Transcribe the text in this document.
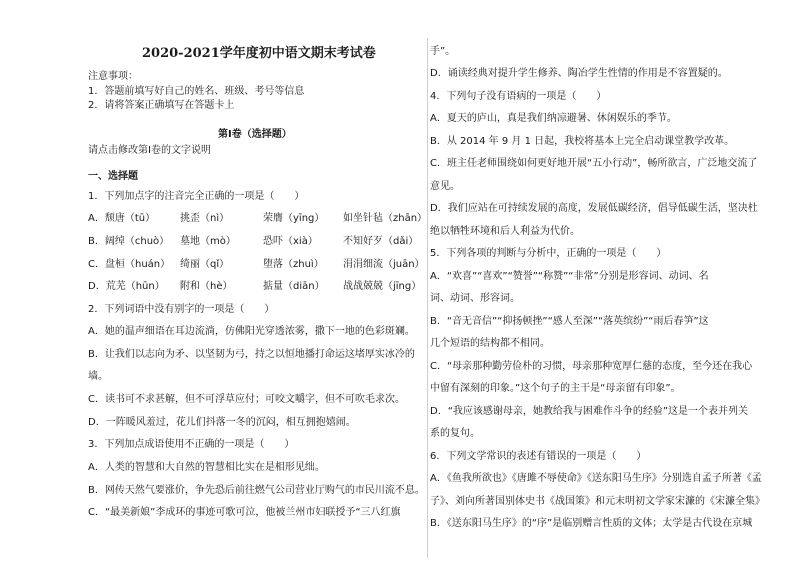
2020-2021学年度初中语文期末考试卷
注意事项：
1．答题前填写好自己的姓名、班级、考号等信息
2．请将答案正确填写在答题卡上
第Ⅰ卷（选择题）
请点击修改第Ⅰ卷的文字说明
一、选择题
1．下列加点字的注音完全正确的一项是（　　）
A．颓唐（tū）	挑歪（nì）	荣膺（yīng）	如坐针毡（zhān）
B．阔绰（chuò）	墓地（mò）	恐吓（xià）	不知好歹（dǎi）
C．盘桓（huán） 绮丽（qǐ）	堕落（zhuì）	涓涓细流（juān）
D．荒芜（hūn）	附和（hè）	掂量（diān）	战战兢兢（jīng）
2．下列词语中没有别字的一项是（　　）
A．她的温声细语在耳边流淌，仿佛阳光穿透浓雾，撒下一地的色彩斑斓。
B．让我们以志向为矛、以坚韧为弓，持之以恒地播打命运这堵厚实冰冷的
墙。
C．读书可不求甚解，但不可浮草应付；可咬文嚼字，但不可吹毛求次。
D．一阵暖风羞过，花儿们抖落一冬的沉闷，相互拥抱嬉闹。
3．下列加点成语使用不正确的一项是（　　）
A．人类的智慧和大自然的智慧相比实在是相形见绌。
B．网传天然气要涨价，争先恐后前往燃气公司营业厅购气的市民川流不息。
C．“最美新娘”李成环的事迹可歌可泣，他被兰州市妇联授予“三八红旗
手”。
D．诵读经典对提升学生修养、陶冶学生性情的作用是不容置疑的。
4．下列句子没有语病的一项是（　　）
A．夏天的庐山，真是我们纳凉避暑、休闲娱乐的季节。
B．从 2014 年 9 月 1 日起，我校将基本上完全启动课堂教学改革。
C．班主任老师围绕如何更好地开展“五小行动”，畅所欲言，广泛地交流了
意见。
D．我们应站在可持续发展的高度，发展低碳经济，倡导低碳生活，坚决杜
绝以牺牲环境和后人利益为代价。
5．下列各项的判断与分析中，正确的一项是（　　）
A．“欢喜”“喜欢”“赞誉”“称赞”“非常”分别是形容词、动词、名
词、动词、形容词。
B．“音无音信”“抑扬顿挫”“感人至深”“落英缤纷”“雨后春笋”这
几个短语的结构都不相同。
C．“母亲那种勤劳俭朴的习惯，母亲那种宽厚仁慈的态度，至今还在我心
中留有深刻的印象。”这个句子的主干是“母亲留有印象”。
D．“我应该感谢母亲，她教给我与困难作斗争的经验”这是一个表并列关
系的复句。
6．下列文学常识的表述有错误的一项是（　　）
A．《鱼我所欲也》《唐雎不辱使命》《送东阳马生序》分别选自孟子所著《孟
子》、刘向所著国别体史书《战国策》和元末明初文学家宋濂的《宋濂全集》
B．《送东阳马生序》的“序”是临别赠言性质的文体；太学是古代设在京城
